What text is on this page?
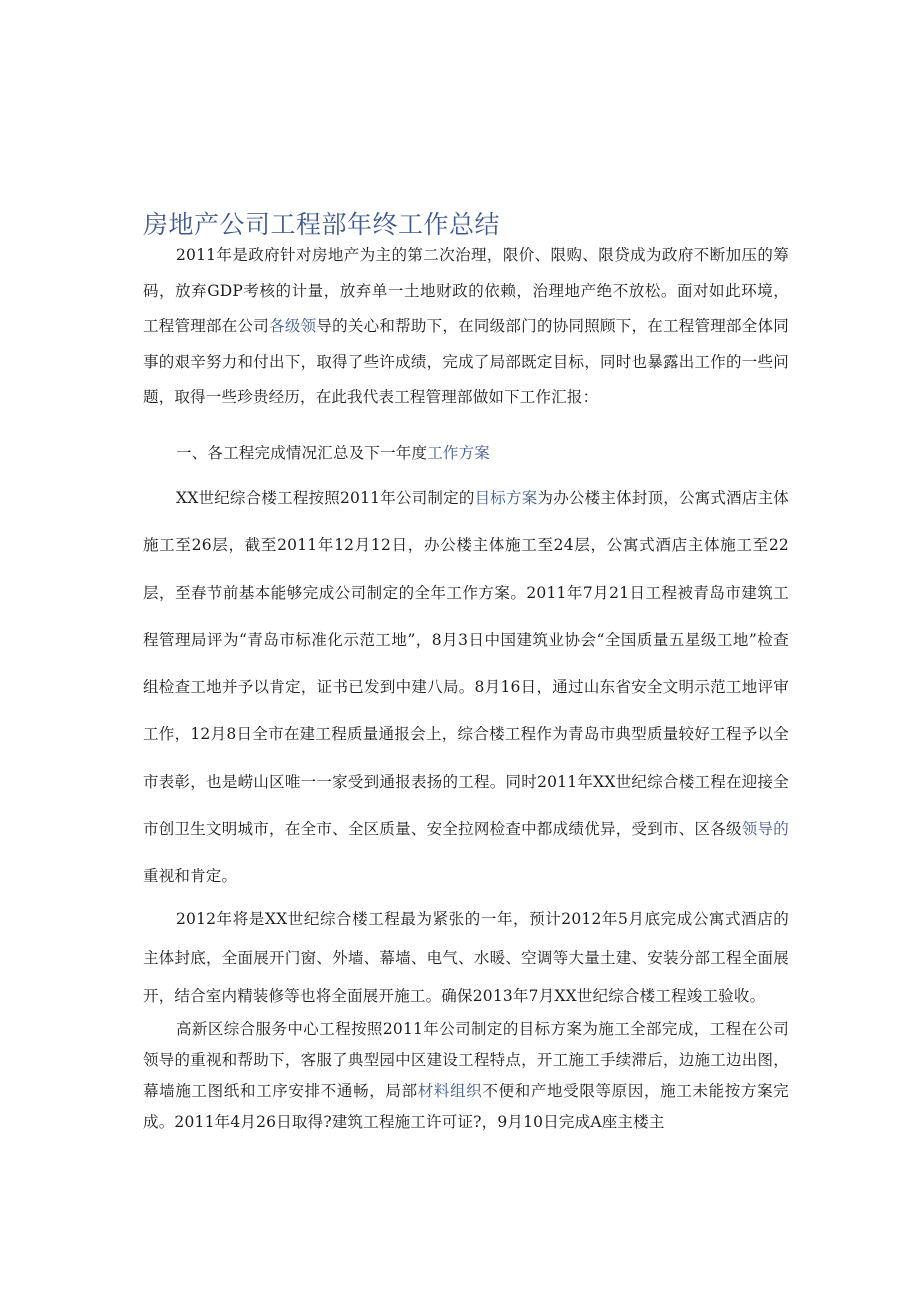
房地产公司工程部年终工作总结

2011年是政府针对房地产为主的第二次治理，限价、限购、限贷成为政府不断加压的筹码，放弃GDP考核的计量，放弃单一土地财政的依赖，治理地产绝不放松。面对如此环境，工程管理部在公司各级领导的关心和帮助下，在同级部门的协同照顾下，在工程管理部全体同事的艰辛努力和付出下，取得了些许成绩，完成了局部既定目标，同时也暴露出工作的一些问题，取得一些珍贵经历，在此我代表工程管理部做如下工作汇报：

一、各工程完成情况汇总及下一年度工作方案

XX世纪综合楼工程按照2011年公司制定的目标方案为办公楼主体封顶，公寓式酒店主体施工至26层，截至2011年12月12日，办公楼主体施工至24层，公寓式酒店主体施工至22层，至春节前基本能够完成公司制定的全年工作方案。2011年7月21日工程被青岛市建筑工程管理局评为“青岛市标准化示范工地”，8月3日中国建筑业协会“全国质量五星级工地”检查组检查工地并予以肯定，证书已发到中建八局。8月16日，通过山东省安全文明示范工地评审工作，12月8日全市在建工程质量通报会上，综合楼工程作为青岛市典型质量较好工程予以全市表彰，也是崂山区唯一一家受到通报表扬的工程。同时2011年XX世纪综合楼工程在迎接全市创卫生文明城市，在全市、全区质量、安全拉网检查中都成绩优异，受到市、区各级领导的重视和肯定。

2012年将是XX世纪综合楼工程最为紧张的一年，预计2012年5月底完成公寓式酒店的主体封底，全面展开门窗、外墙、幕墙、电气、水暖、空调等大量土建、安装分部工程全面展开，结合室内精装修等也将全面展开施工。确保2013年7月XX世纪综合楼工程竣工验收。

高新区综合服务中心工程按照2011年公司制定的目标方案为施工全部完成，工程在公司领导的重视和帮助下，客服了典型园中区建设工程特点，开工施工手续滞后，边施工边出图，幕墙施工图纸和工序安排不通畅，局部材料组织不便和产地受限等原因，施工未能按方案完成。2011年4月26日取得?建筑工程施工许可证?，9月10日完成A座主楼主
